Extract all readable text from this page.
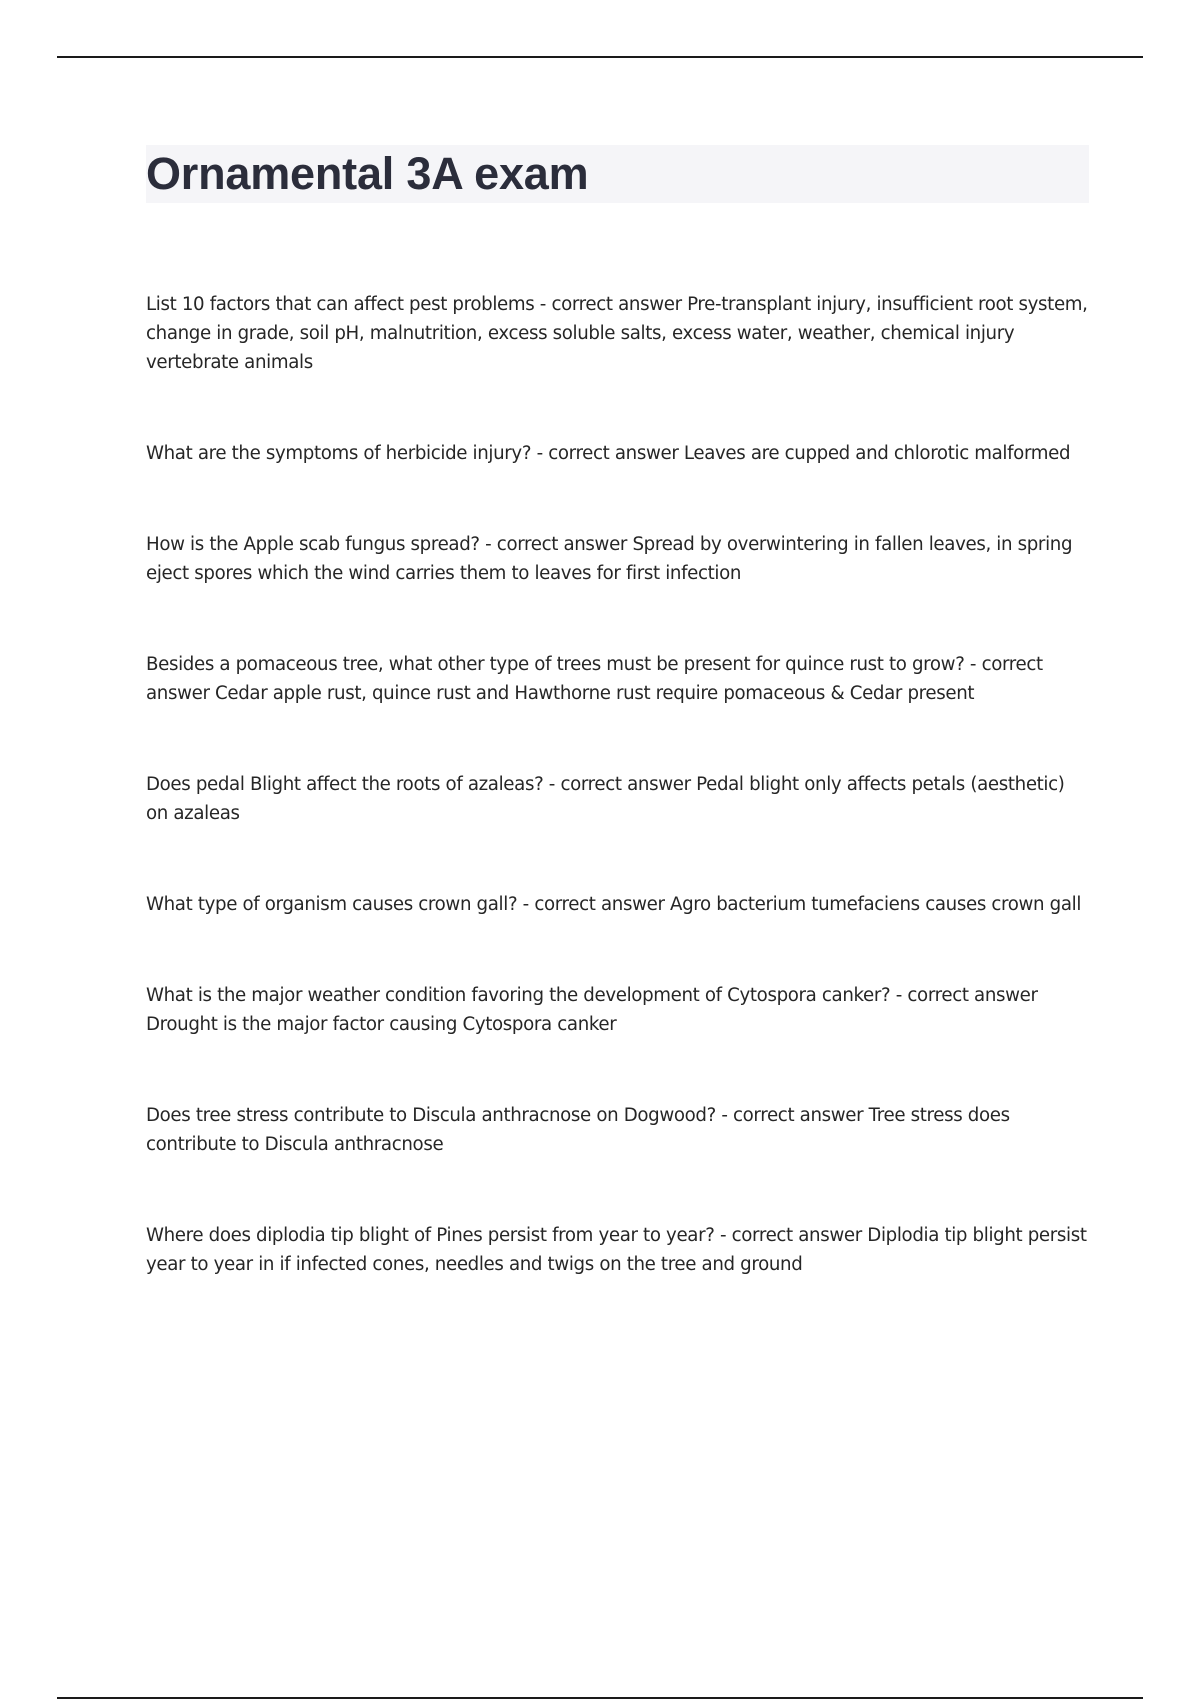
Ornamental 3A exam

List 10 factors that can affect pest problems - correct answer Pre-transplant injury, insufficient root system, change in grade, soil pH, malnutrition, excess soluble salts, excess water, weather, chemical injury vertebrate animals

What are the symptoms of herbicide injury? - correct answer Leaves are cupped and chlorotic malformed

How is the Apple scab fungus spread? - correct answer Spread by overwintering in fallen leaves, in spring eject spores which the wind carries them to leaves for first infection

Besides a pomaceous tree, what other type of trees must be present for quince rust to grow? - correct answer Cedar apple rust, quince rust and Hawthorne rust require pomaceous & Cedar present

Does pedal Blight affect the roots of azaleas? - correct answer Pedal blight only affects petals (aesthetic) on azaleas

What type of organism causes crown gall? - correct answer Agro bacterium tumefaciens causes crown gall

What is the major weather condition favoring the development of Cytospora canker? - correct answer Drought is the major factor causing Cytospora canker

Does tree stress contribute to Discula anthracnose on Dogwood? - correct answer Tree stress does contribute to Discula anthracnose

Where does diplodia tip blight of Pines persist from year to year? - correct answer Diplodia tip blight persist year to year in if infected cones, needles and twigs on the tree and ground
